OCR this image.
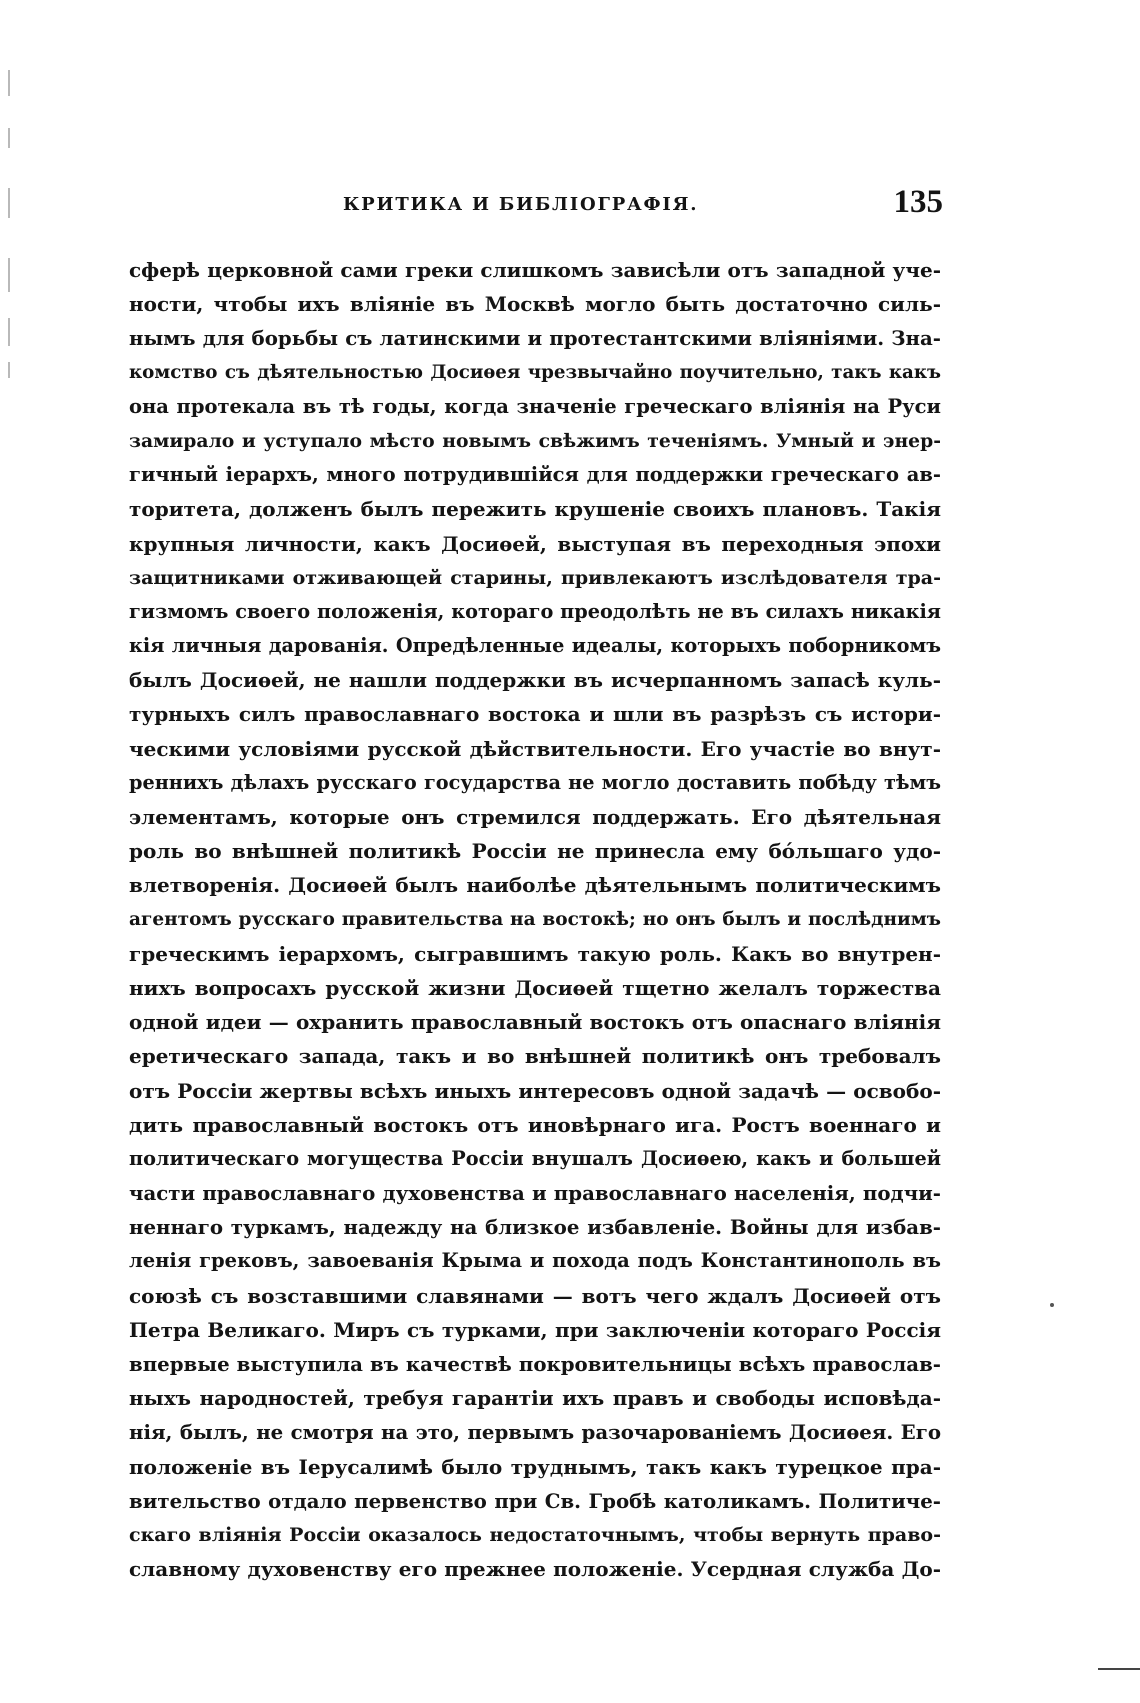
КРИТИКА И БИБЛІОГРАФІЯ.	135
сферѣ церковной сами греки слишкомъ зависѣли отъ западной уче-
ности, чтобы ихъ вліяніе въ Москвѣ могло быть достаточно силь-
нымъ для борьбы съ латинскими и протестантскими вліяніями. Зна-
комство съ дѣятельностью Досиѳея чрезвычайно поучительно, такъ какъ
она протекала въ тѣ годы, когда значеніе греческаго вліянія на Руси
замирало и уступало мѣсто новымъ свѣжимъ теченіямъ. Умный и энер-
гичный іерархъ, много потрудившійся для поддержки греческаго ав-
торитета, долженъ былъ пережить крушеніе своихъ плановъ. Такія
крупныя личности, какъ Досиѳей, выступая въ переходныя эпохи
защитниками отживающей старины, привлекаютъ изслѣдователя тра-
гизмомъ своего положенія, котораго преодолѣть не въ силахъ никакія
кія личныя дарованія. Опредѣленные идеалы, которыхъ поборникомъ
былъ Досиѳей, не нашли поддержки въ исчерпанномъ запасѣ куль-
турныхъ силъ православнаго востока и шли въ разрѣзъ съ истори-
ческими условіями русской дѣйствительности. Его участіе во внут-
реннихъ дѣлахъ русскаго государства не могло доставить побѣду тѣмъ
элементамъ, которые онъ стремился поддержать. Его дѣятельная
роль во внѣшней политикѣ Россіи не принесла ему бóльшаго удо-
влетворенія. Досиѳей былъ наиболѣе дѣятельнымъ политическимъ
агентомъ русскаго правительства на востокѣ; но онъ былъ и послѣднимъ
греческимъ іерархомъ, сыгравшимъ такую роль. Какъ во внутрен-
нихъ вопросахъ русской жизни Досиѳей тщетно желалъ торжества
одной идеи — охранить православный востокъ отъ опаснаго вліянія
еретическаго запада, такъ и во внѣшней политикѣ онъ требовалъ
отъ Россіи жертвы всѣхъ иныхъ интересовъ одной задачѣ — освобо-
дить православный востокъ отъ иновѣрнаго ига. Ростъ военнаго и
политическаго могущества Россіи внушалъ Досиѳею, какъ и большей
части православнаго духовенства и православнаго населенія, подчи-
неннаго туркамъ, надежду на близкое избавленіе. Войны для избав-
ленія грековъ, завоеванія Крыма и похода подъ Константинополь въ
союзѣ съ возставшими славянами — вотъ чего ждалъ Досиѳей отъ
Петра Великаго. Миръ съ турками, при заключеніи котораго Россія
впервые выступила въ качествѣ покровительницы всѣхъ православ-
ныхъ народностей, требуя гарантіи ихъ правъ и свободы исповѣда-
нія, былъ, не смотря на это, первымъ разочарованіемъ Досиѳея. Его
положеніе въ Іерусалимѣ было труднымъ, такъ какъ турецкое пра-
вительство отдало первенство при Св. Гробѣ католикамъ. Политиче-
скаго вліянія Россіи оказалось недостаточнымъ, чтобы вернуть право-
славному духовенству его прежнее положеніе. Усердная служба До-
